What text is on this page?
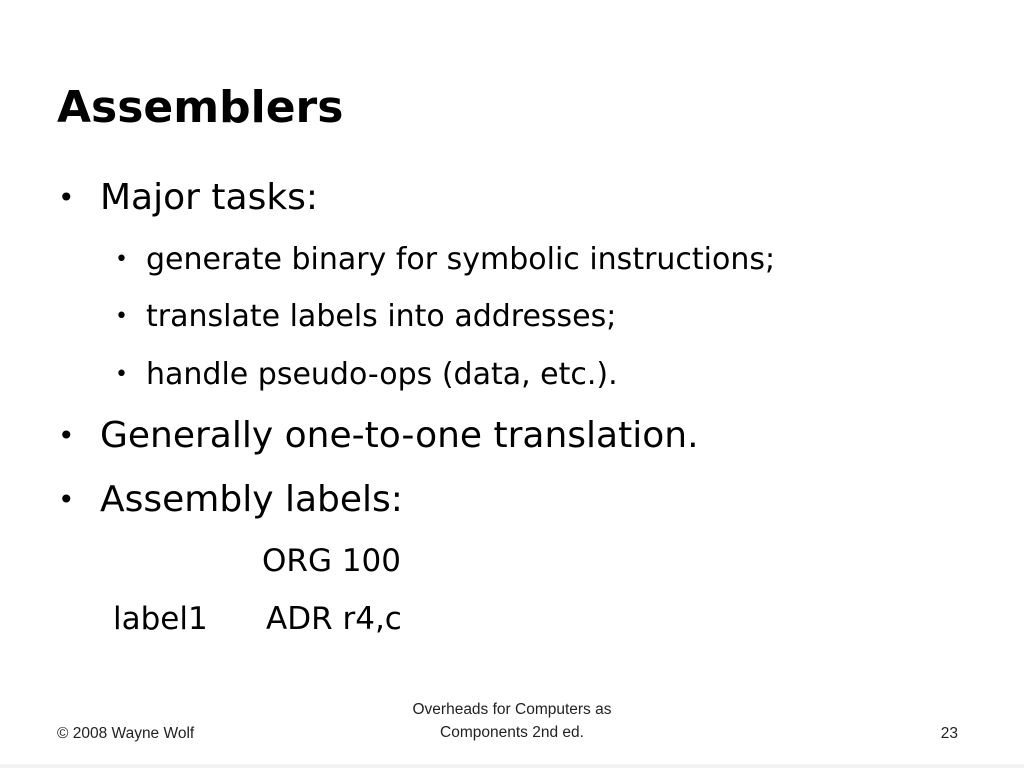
Assemblers
• Major tasks:
• generate binary for symbolic instructions;
• translate labels into addresses;
• handle pseudo-ops (data, etc.).
• Generally one-to-one translation.
• Assembly labels:
ORG 100
label1 ADR r4,c
© 2008 Wayne Wolf
Overheads for Computers as
Components 2nd ed.	23
